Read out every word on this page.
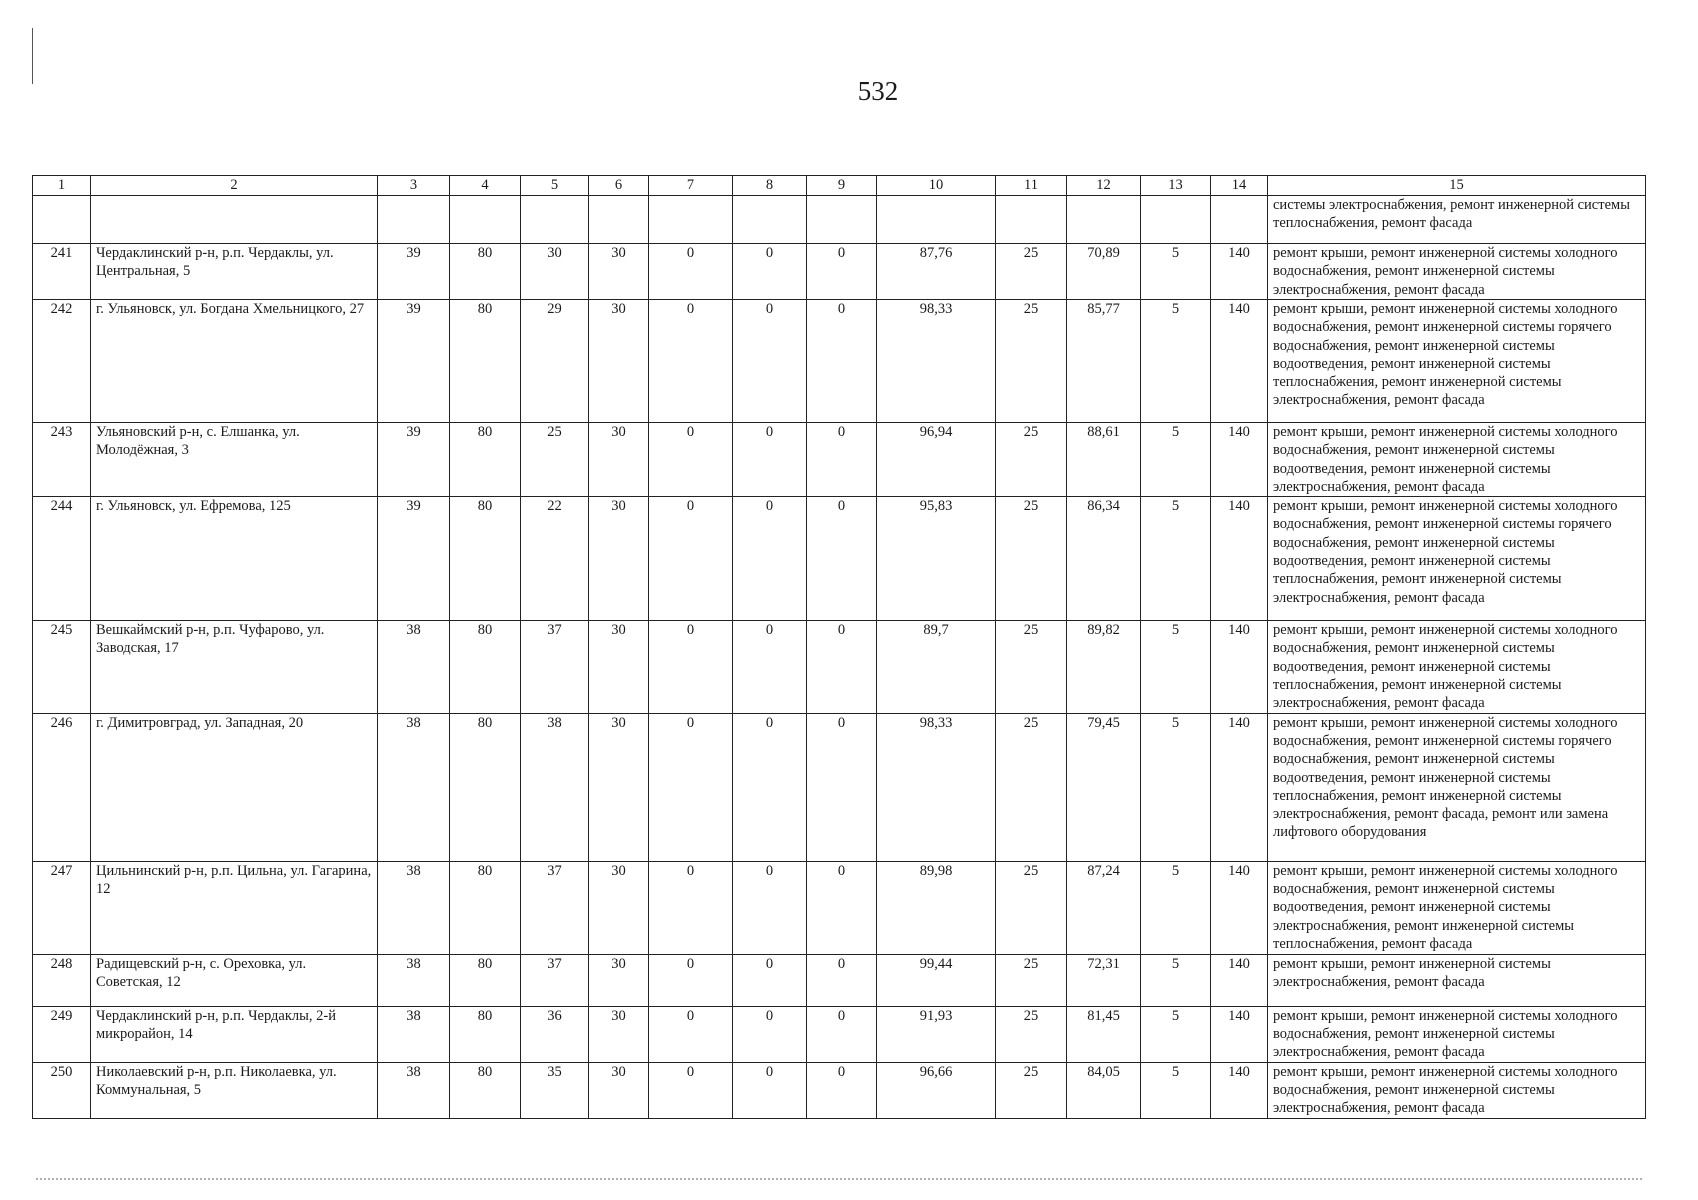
532
1	2	3	4	5	6	7	8	9	10	11	12	13	14	15
														системы электроснабжения, ремонт инженерной системы теплоснабжения, ремонт фасада
241	Чердаклинский р-н, р.п. Чердаклы, ул. Центральная, 5	39	80	30	30	0	0	0	87,76	25	70,89	5	140	ремонт крыши, ремонт инженерной системы холодного водоснабжения, ремонт инженерной системы электроснабжения, ремонт фасада
242	г. Ульяновск, ул. Богдана Хмельницкого, 27	39	80	29	30	0	0	0	98,33	25	85,77	5	140	ремонт крыши, ремонт инженерной системы холодного водоснабжения, ремонт инженерной системы горячего водоснабжения, ремонт инженерной системы водоотведения, ремонт инженерной системы теплоснабжения, ремонт инженерной системы электроснабжения, ремонт фасада
243	Ульяновский р-н, с. Елшанка, ул. Молодёжная, 3	39	80	25	30	0	0	0	96,94	25	88,61	5	140	ремонт крыши, ремонт инженерной системы холодного водоснабжения, ремонт инженерной системы водоотведения, ремонт инженерной системы электроснабжения, ремонт фасада
244	г. Ульяновск, ул. Ефремова, 125	39	80	22	30	0	0	0	95,83	25	86,34	5	140	ремонт крыши, ремонт инженерной системы холодного водоснабжения, ремонт инженерной системы горячего водоснабжения, ремонт инженерной системы водоотведения, ремонт инженерной системы теплоснабжения, ремонт инженерной системы электроснабжения, ремонт фасада
245	Вешкаймский р-н, р.п. Чуфарово, ул. Заводская, 17	38	80	37	30	0	0	0	89,7	25	89,82	5	140	ремонт крыши, ремонт инженерной системы холодного водоснабжения, ремонт инженерной системы водоотведения, ремонт инженерной системы теплоснабжения, ремонт инженерной системы электроснабжения, ремонт фасада
246	г. Димитровград, ул. Западная, 20	38	80	38	30	0	0	0	98,33	25	79,45	5	140	ремонт крыши, ремонт инженерной системы холодного водоснабжения, ремонт инженерной системы горячего водоснабжения, ремонт инженерной системы водоотведения, ремонт инженерной системы теплоснабжения, ремонт инженерной системы электроснабжения, ремонт фасада, ремонт или замена лифтового оборудования
247	Цильнинский р-н, р.п. Цильна, ул. Гагарина, 12	38	80	37	30	0	0	0	89,98	25	87,24	5	140	ремонт крыши, ремонт инженерной системы холодного водоснабжения, ремонт инженерной системы водоотведения, ремонт инженерной системы электроснабжения, ремонт инженерной системы теплоснабжения, ремонт фасада
248	Радищевский р-н, с. Ореховка, ул. Советская, 12	38	80	37	30	0	0	0	99,44	25	72,31	5	140	ремонт крыши, ремонт инженерной системы электроснабжения, ремонт фасада
249	Чердаклинский р-н, р.п. Чердаклы, 2-й микрорайон, 14	38	80	36	30	0	0	0	91,93	25	81,45	5	140	ремонт крыши, ремонт инженерной системы холодного водоснабжения, ремонт инженерной системы электроснабжения, ремонт фасада
250	Николаевский р-н, р.п. Николаевка, ул. Коммунальная, 5	38	80	35	30	0	0	0	96,66	25	84,05	5	140	ремонт крыши, ремонт инженерной системы холодного водоснабжения, ремонт инженерной системы электроснабжения, ремонт фасада
